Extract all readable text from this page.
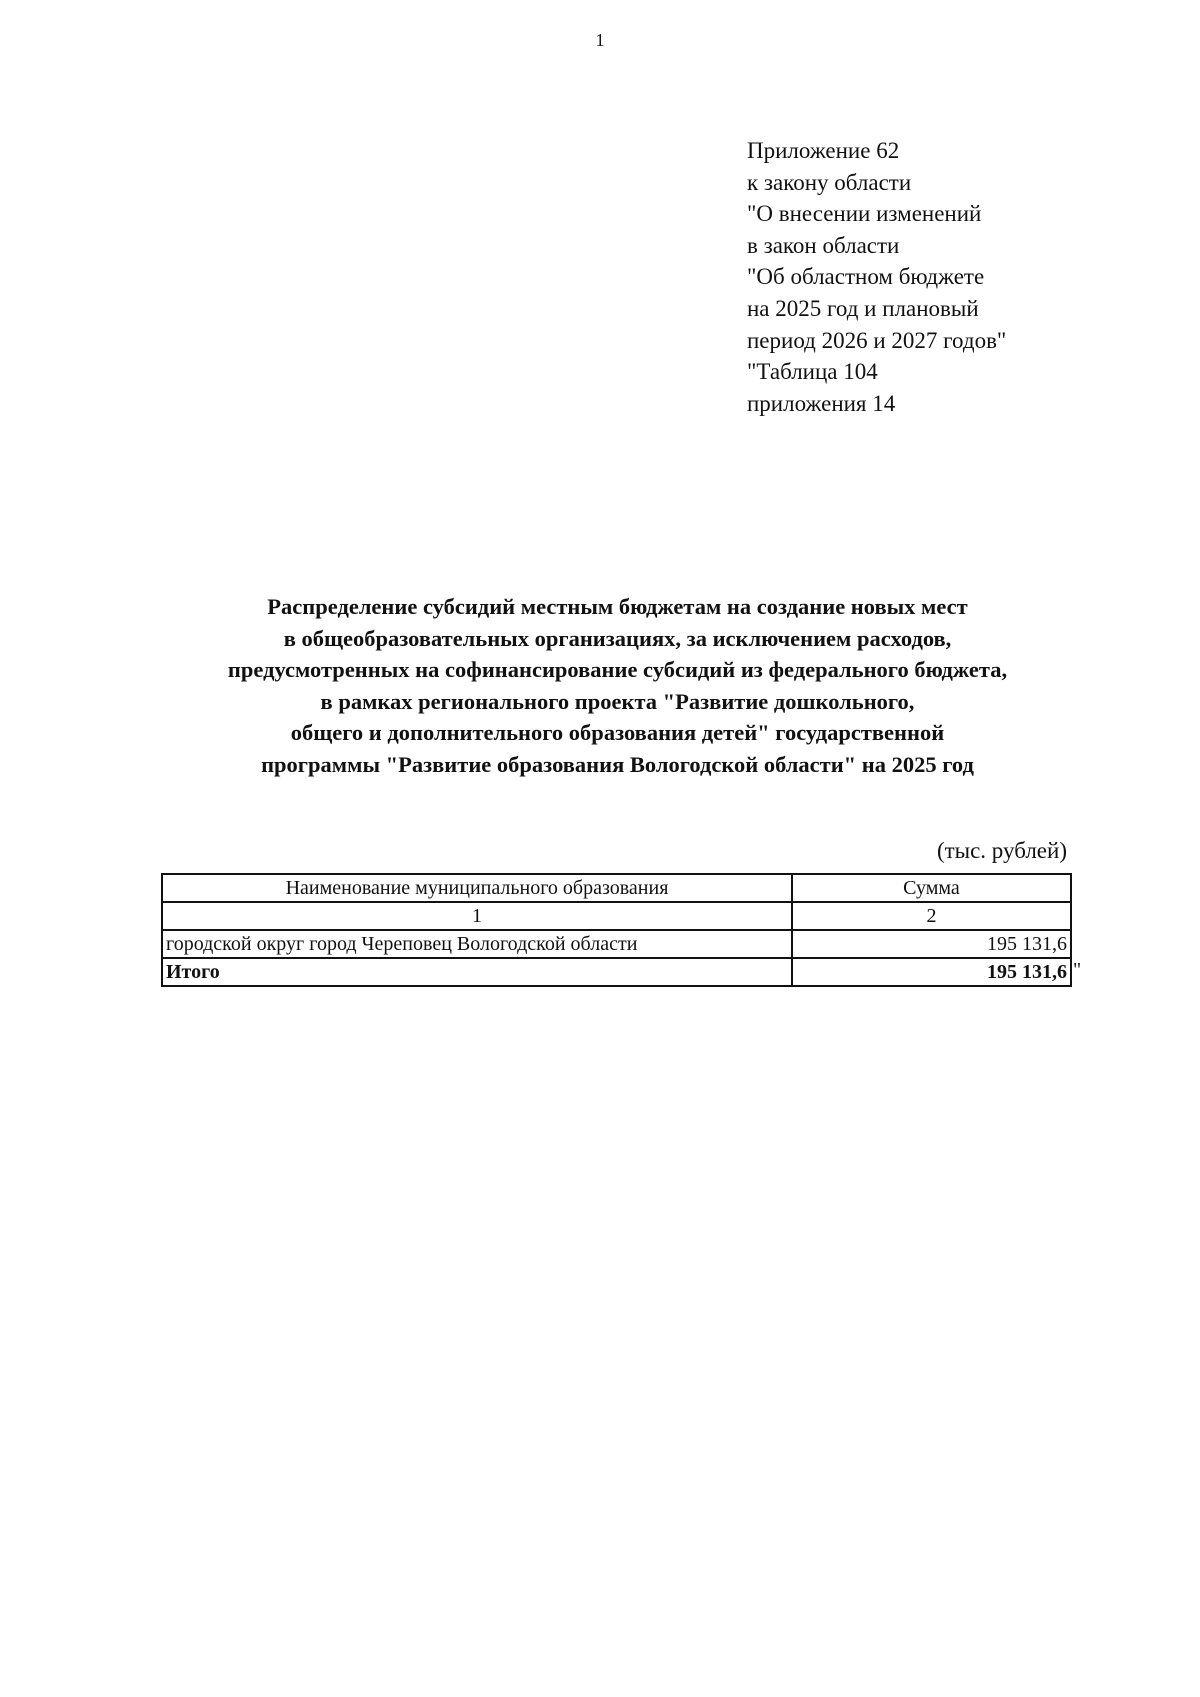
1
Приложение 62
к закону области
"О внесении изменений
в закон области
"Об областном бюджете
на 2025 год и плановый
период 2026 и 2027 годов"
"Таблица 104
приложения 14
Распределение субсидий местным бюджетам на создание новых мест
в общеобразовательных организациях, за исключением расходов,
предусмотренных на софинансирование субсидий из федерального бюджета,
в рамках регионального проекта "Развитие дошкольного,
общего и дополнительного образования детей" государственной
программы "Развитие образования Вологодской области" на 2025 год
(тыс. рублей)
Наименование муниципального образования	Сумма
1	2
городской округ город Череповец Вологодской области	195 131,6
Итого	195 131,6 "
